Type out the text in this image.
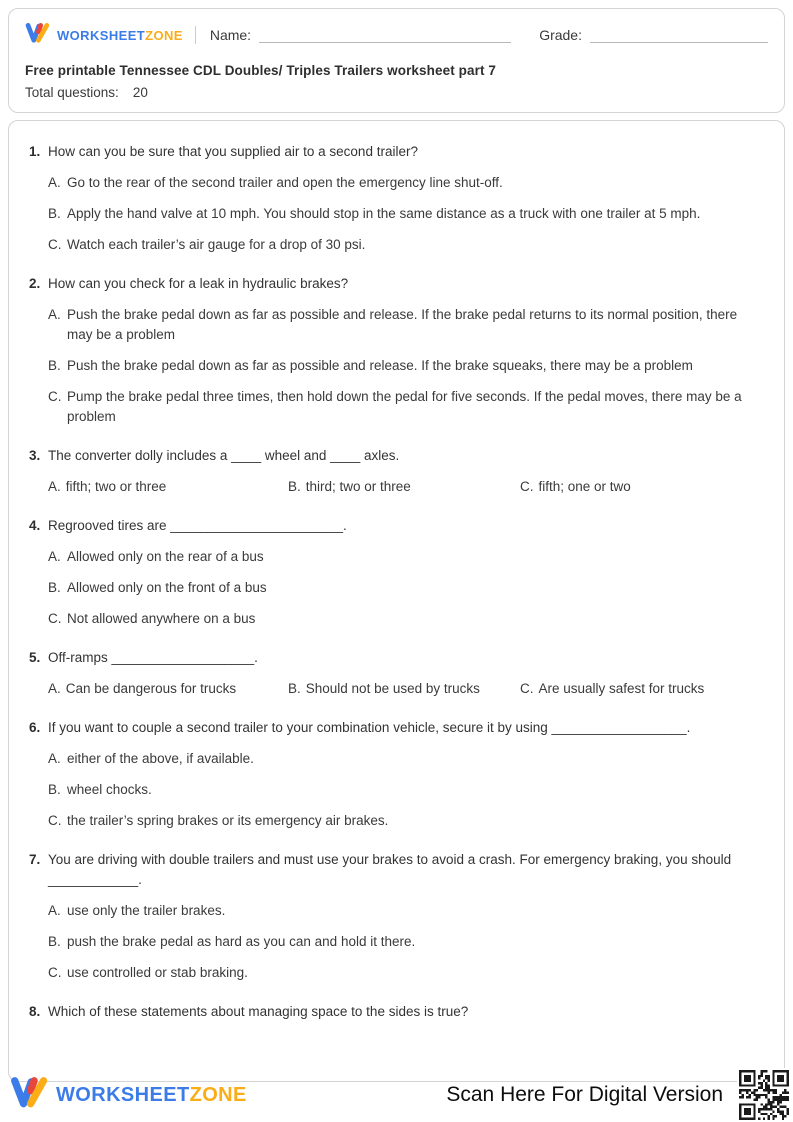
WORKSHEETZONE Name:	Grade:
Free printable Tennessee CDL Doubles/ Triples Trailers worksheet part 7
Total questions: 20
1. How can you be sure that you supplied air to a second trailer?
A. Go to the rear of the second trailer and open the emergency line shut-off.
B. Apply the hand valve at 10 mph. You should stop in the same distance as a truck with one trailer at 5 mph.
C. Watch each trailer’s air gauge for a drop of 30 psi.
2. How can you check for a leak in hydraulic brakes?
A. Push the brake pedal down as far as possible and release. If the brake pedal returns to its normal position, there may be a problem
B. Push the brake pedal down as far as possible and release. If the brake squeaks, there may be a problem
C. Pump the brake pedal three times, then hold down the pedal for five seconds. If the pedal moves, there may be a problem
3. The converter dolly includes a ____ wheel and ____ axles.
A. fifth; two or three	B. third; two or three	C. fifth; one or two
4. Regrooved tires are _______________________.
A. Allowed only on the rear of a bus
B. Allowed only on the front of a bus
C. Not allowed anywhere on a bus
5. Off-ramps ___________________.
A. Can be dangerous for trucks	B. Should not be used by trucks	C. Are usually safest for trucks
6. If you want to couple a second trailer to your combination vehicle, secure it by using __________________.
A. either of the above, if available.
B. wheel chocks.
C. the trailer’s spring brakes or its emergency air brakes.
7. You are driving with double trailers and must use your brakes to avoid a crash. For emergency braking, you should ____________.
A. use only the trailer brakes.
B. push the brake pedal as hard as you can and hold it there.
C. use controlled or stab braking.
8. Which of these statements about managing space to the sides is true?
WORKSHEETZONE	Scan Here For Digital Version
